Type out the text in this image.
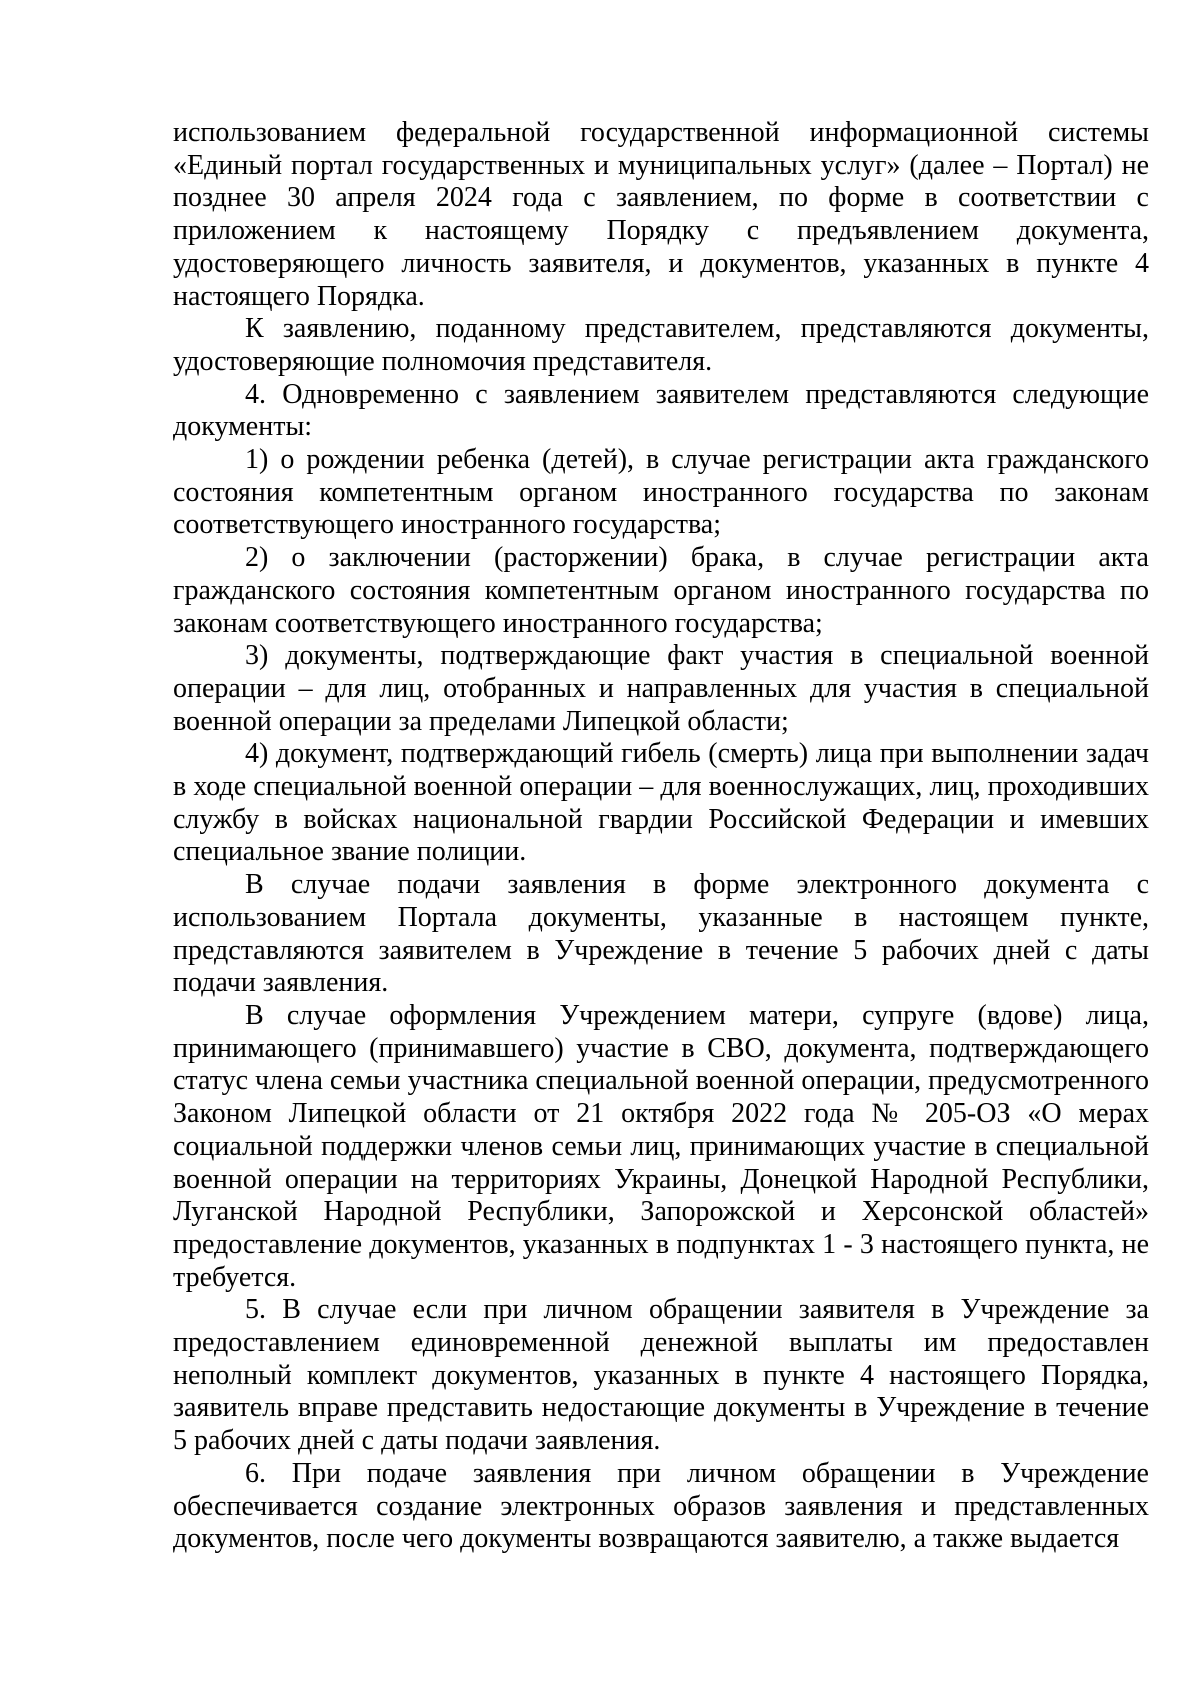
использованием федеральной государственной информационной системы «Единый портал государственных и муниципальных услуг» (далее – Портал) не позднее 30 апреля 2024 года с заявлением, по форме в соответствии с приложением к настоящему Порядку с предъявлением документа, удостоверяющего личность заявителя, и документов, указанных в пункте 4 настоящего Порядка.

К заявлению, поданному представителем, представляются документы, удостоверяющие полномочия представителя.

4. Одновременно с заявлением заявителем представляются следующие документы:

1) о рождении ребенка (детей), в случае регистрации акта гражданского состояния компетентным органом иностранного государства по законам соответствующего иностранного государства;

2) о заключении (расторжении) брака, в случае регистрации акта гражданского состояния компетентным органом иностранного государства по законам соответствующего иностранного государства;

3) документы, подтверждающие факт участия в специальной военной операции – для лиц, отобранных и направленных для участия в специальной военной операции за пределами Липецкой области;

4) документ, подтверждающий гибель (смерть) лица при выполнении задач в ходе специальной военной операции – для военнослужащих, лиц, проходивших службу в войсках национальной гвардии Российской Федерации и имевших специальное звание полиции.

В случае подачи заявления в форме электронного документа с использованием Портала документы, указанные в настоящем пункте, представляются заявителем в Учреждение в течение 5 рабочих дней с даты подачи заявления.

В случае оформления Учреждением матери, супруге (вдове) лица, принимающего (принимавшего) участие в СВО, документа, подтверждающего статус члена семьи участника специальной военной операции, предусмотренного Законом Липецкой области от 21 октября 2022 года № 205-ОЗ «О мерах социальной поддержки членов семьи лиц, принимающих участие в специальной военной операции на территориях Украины, Донецкой Народной Республики, Луганской Народной Республики, Запорожской и Херсонской областей» предоставление документов, указанных в подпунктах 1 - 3 настоящего пункта, не требуется.

5. В случае если при личном обращении заявителя в Учреждение за предоставлением единовременной денежной выплаты им предоставлен неполный комплект документов, указанных в пункте 4 настоящего Порядка, заявитель вправе представить недостающие документы в Учреждение в течение 5 рабочих дней с даты подачи заявления.

6. При подаче заявления при личном обращении в Учреждение обеспечивается создание электронных образов заявления и представленных документов, после чего документы возвращаются заявителю, а также выдается
